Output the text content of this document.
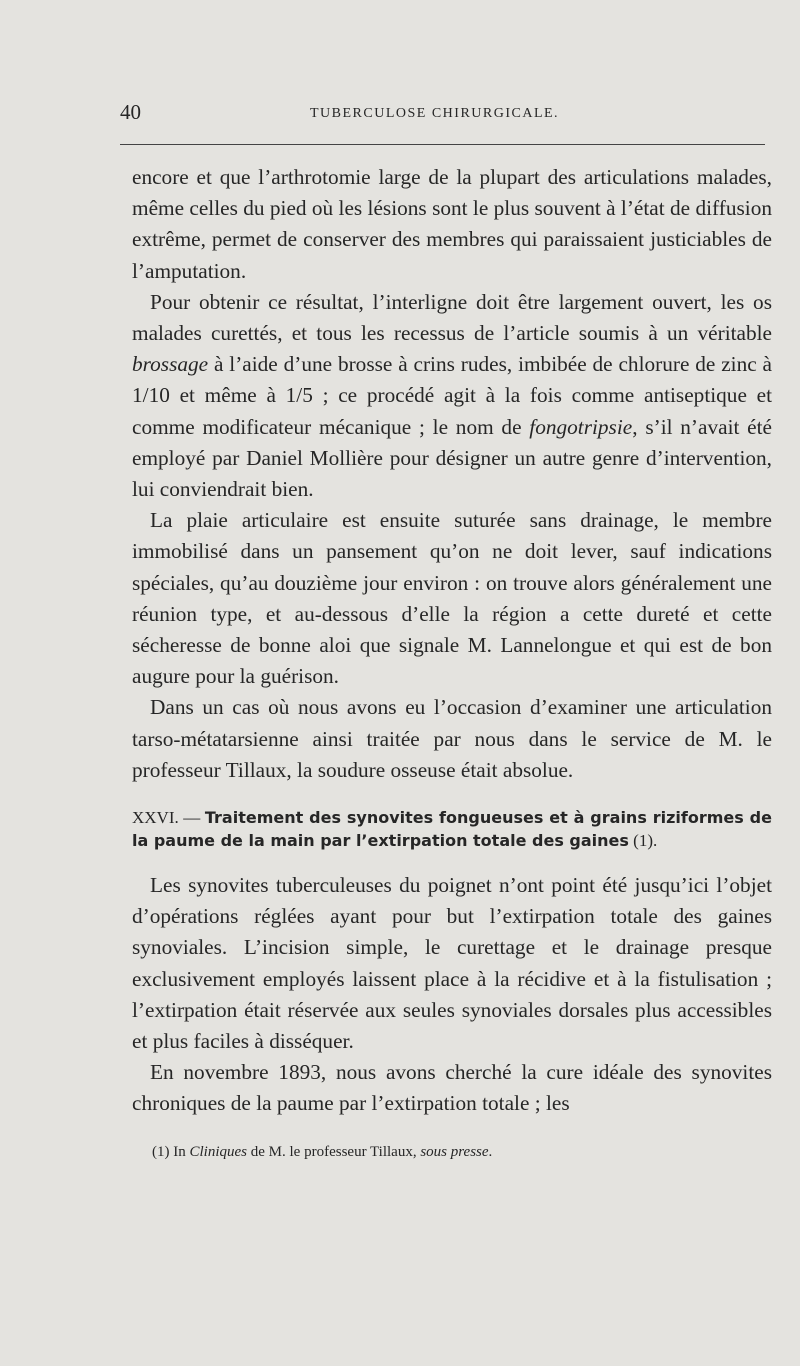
40	TUBERCULOSE CHIRURGICALE.

encore et que l’arthrotomie large de la plupart des articulations malades, même celles du pied où les lésions sont le plus souvent à l’état de diffusion extrême, permet de conserver des membres qui paraissaient justiciables de l’amputation.

Pour obtenir ce résultat, l’interligne doit être largement ouvert, les os malades curettés, et tous les recessus de l’article soumis à un véritable brossage à l’aide d’une brosse à crins rudes, imbibée de chlorure de zinc à 1/10 et même à 1/5 ; ce procédé agit à la fois comme antiseptique et comme modificateur mécanique ; le nom de fongotripsie, s’il n’avait été employé par Daniel Mollière pour désigner un autre genre d’intervention, lui conviendrait bien.

La plaie articulaire est ensuite suturée sans drainage, le membre immobilisé dans un pansement qu’on ne doit lever, sauf indications spéciales, qu’au douzième jour environ : on trouve alors généralement une réunion type, et au-dessous d’elle la région a cette dureté et cette sécheresse de bonne aloi que signale M. Lannelongue et qui est de bon augure pour la guérison.

Dans un cas où nous avons eu l’occasion d’examiner une articulation tarso-métatarsienne ainsi traitée par nous dans le service de M. le professeur Tillaux, la soudure osseuse était absolue.

XXVI. — Traitement des synovites fongueuses et à grains riziformes de la paume de la main par l’extirpation totale des gaines (1).

Les synovites tuberculeuses du poignet n’ont point été jusqu’ici l’objet d’opérations réglées ayant pour but l’extirpation totale des gaines synoviales. L’incision simple, le curettage et le drainage presque exclusivement employés laissent place à la récidive et à la fistulisation ; l’extirpation était réservée aux seules synoviales dorsales plus accessibles et plus faciles à disséquer.

En novembre 1893, nous avons cherché la cure idéale des synovites chroniques de la paume par l’extirpation totale ; les

(1) In Cliniques de M. le professeur Tillaux, sous presse.
